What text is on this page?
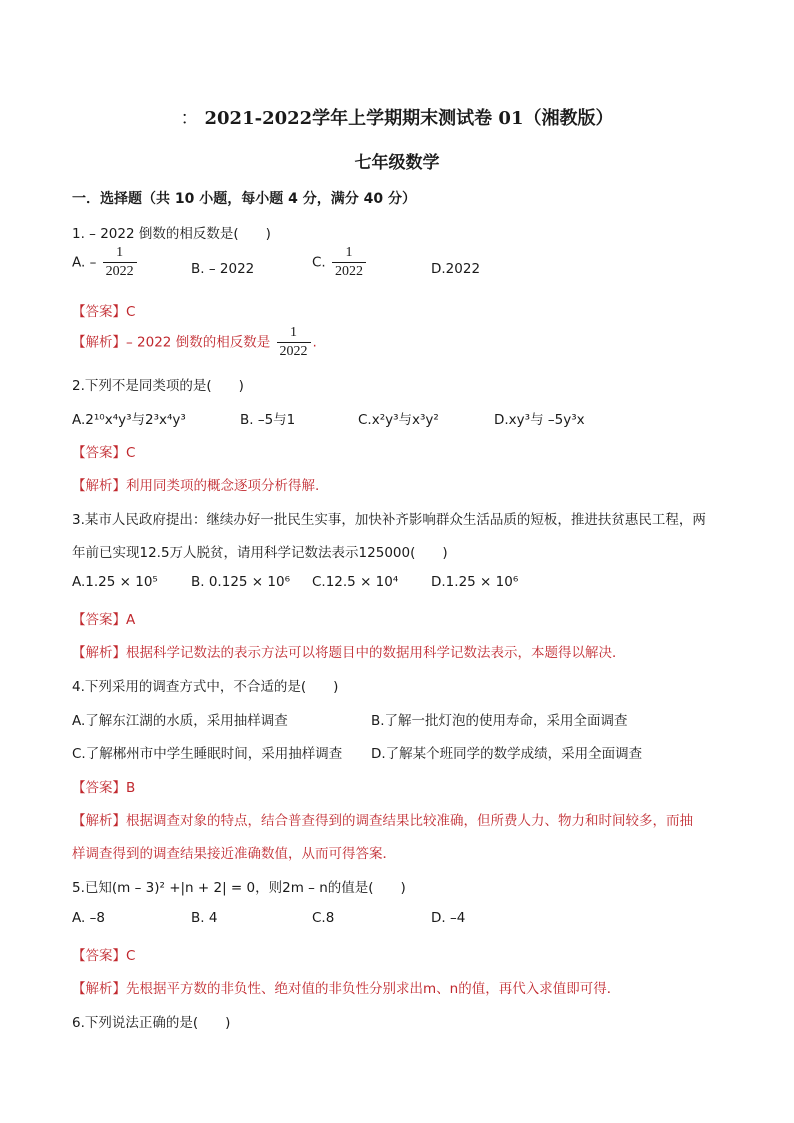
： 2021-2022学年上学期期末测试卷 01（湘教版）
七年级数学
一．选择题（共 10 小题，每小题 4 分，满分 40 分）
1. – 2022 倒数的相反数是(　　)
A. – $\frac{1}{2022}$	B. – 2022	C. $\frac{1}{2022}$	D.2022
【答案】C
【解析】– 2022 倒数的相反数是 $\frac{1}{2022}$ .
2.下列不是同类项的是(　　)
A.2¹⁰x⁴y³与2³x⁴y³	B. –5与1	C.x²y³与x³y²	D.xy³与 –5y³x
【答案】C
【解析】利用同类项的概念逐项分析得解.
3.某市人民政府提出：继续办好一批民生实事，加快补齐影响群众生活品质的短板，推进扶贫惠民工程，两
年前已实现12.5万人脱贫，请用科学记数法表示125000(　　)
A.1.25 × 10⁵ B. 0.125 × 10⁶ C.12.5 × 10⁴ D.1.25 × 10⁶
【答案】A
【解析】根据科学记数法的表示方法可以将题目中的数据用科学记数法表示，本题得以解决．
4.下列采用的调查方式中，不合适的是(　　)
A.了解东江湖的水质，采用抽样调查	B.了解一批灯泡的使用寿命，采用全面调查
C.了解郴州市中学生睡眠时间，采用抽样调查 D.了解某个班同学的数学成绩，采用全面调查
【答案】B
【解析】根据调查对象的特点，结合普查得到的调查结果比较准确，但所费人力、物力和时间较多，而抽
样调查得到的调查结果接近准确数值，从而可得答案．
5.已知(m – 3)² +|n + 2| = 0，则2m – n的值是(　　)
A. –8	B. 4	C.8	D. –4
【答案】C
【解析】先根据平方数的非负性、绝对值的非负性分别求出m、n的值，再代入求值即可得．
6.下列说法正确的是(　　)
